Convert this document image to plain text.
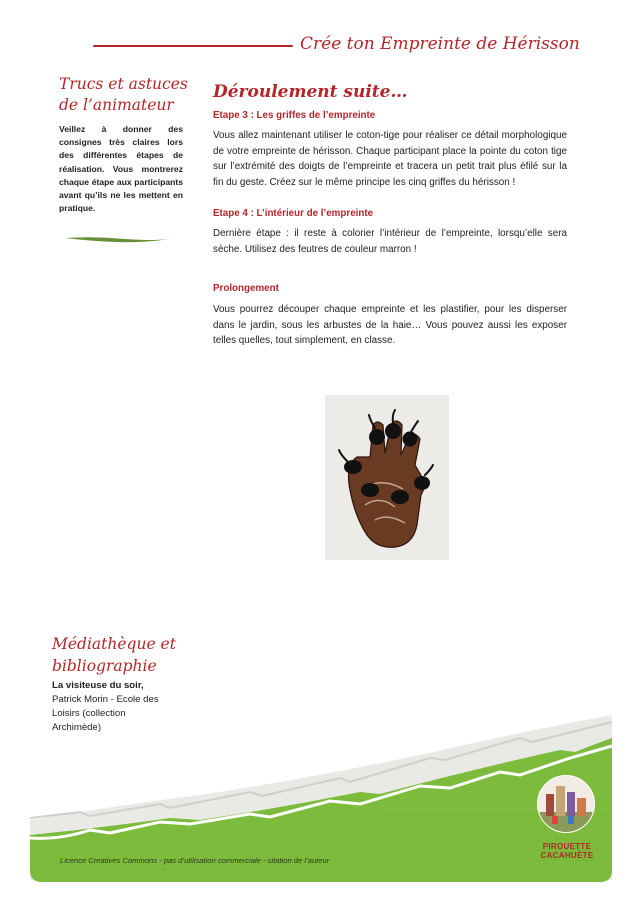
Crée ton Empreinte de Hérisson
Trucs et astuces de l’animateur
Veillez à donner des consignes très claires lors des différentes étapes de réalisation. Vous montrerez chaque étape aux participants avant qu’ils ne les mettent en pratique.
Déroulement suite…
Etape 3 : Les griffes de l’empreinte
Vous allez maintenant utiliser le coton-tige pour réaliser ce détail morphologique de votre empreinte de hérisson. Chaque participant place la pointe du coton tige sur l’extrémité des doigts de l’empreinte et tracera un petit trait plus éfilé sur la fin du geste. Créez sur le même principe les cinq griffes du hérisson !
Etape 4 : L’intérieur de l’empreinte
Dernière étape : il reste à colorier l’intérieur de l’empreinte, lorsqu’elle sera sèche. Utilisez des feutres de couleur marron !
Prolongement
Vous pourrez découper chaque empreinte et les plastifier, pour les disperser dans le jardin, sous les arbustes de la haie… Vous pouvez aussi les exposer telles quelles, tout simplement, en classe.
Médiathèque et bibliographie
La visiteuse du soir,
Patrick Morin - Ecole des Loisirs (collection Archimède)
Licence Creatives Commons - pas d’utilisation commerciale - citation de l’auteur
PIROUETTE
CACAHUÈTE
